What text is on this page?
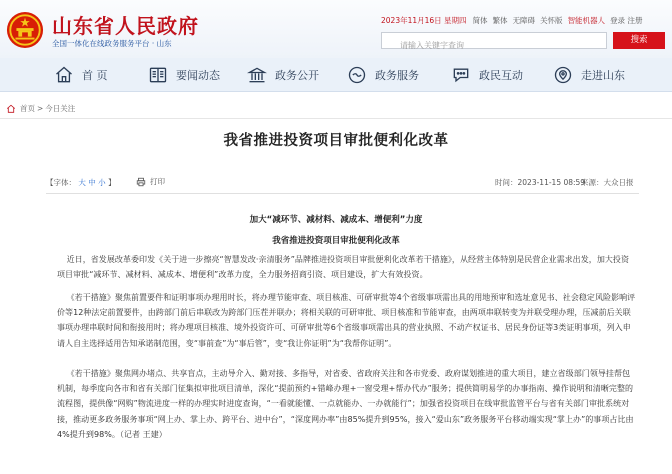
山东省人民政府
全国一体化在线政务服务平台 · 山东
2023年11月16日 星期四 简体 繁体 无障碍 关怀版 智能机器人 登录 注册
请输入关键字查询
搜索
首 页	要闻动态	政务公开	政务服务	政民互动	走进山东
首页 > 今日关注
我省推进投资项目审批便利化改革
【字体： 大 中 小 】	打印	时间：2023-11-15 08:59
来源：大众日报
加大“减环节、减材料、减成本、增便利”力度
我省推进投资项目审批便利化改革
近日，省发展改革委印发《关于进一步擦亮“智慧发改·亲清服务”品牌推进投资项目审批便利化改革若干措施》，从经营主体特别是民营企业需求出发，加大投资项目审批“减环节、减材料、减成本、增便利”改革力度，全力服务招商引资、项目建设，扩大有效投资。
《若干措施》聚焦前置要件和证明事项办理用时长，将办理节能审查、项目核准、可研审批等4个省级事项需出具的用地预审和选址意见书、社会稳定风险影响评价等12种法定前置要件，由跨部门前后串联改为跨部门压茬并联办；将相关联的可研审批、项目核准和节能审查，由两项串联转变为并联受理办理，压减前后关联事项办理串联时间和衔接用时；将办理项目核准、境外投资许可、可研审批等6个省级事项需出具的营业执照、不动产权证书、居民身份证等3类证明事项，列入申请人自主选择适用告知承诺制范围，变“事前查”为“事后管”，变“我让你证明”为“我帮你证明”。
《若干措施》聚焦网办堵点、共享盲点，主动导介入、勤对接、多指导，对省委、省政府关注和各市党委、政府谋划推进的重大项目，建立省级部门领导挂帮包机制，每季度向各市和省有关部门征集拟审批项目清单，深化“提前预约+错峰办理+一窗受理+帮办代办”服务；提供简明易学的办事指南、操作说明和清晰完整的流程图，提供像“网购”物流进度一样的办理实时进度查询，“一看就能懂、一点就能办、一办就能行”；加强省投资项目在线审批监管平台与省有关部门审批系统对接，推动更多政务服务事项“网上办、掌上办、跨平台、进中台”，“深度网办率”由85%提升到95%，接入“爱山东”政务服务平台移动端实现“掌上办”的事项占比由4%提升到98%。（记者 王建）
